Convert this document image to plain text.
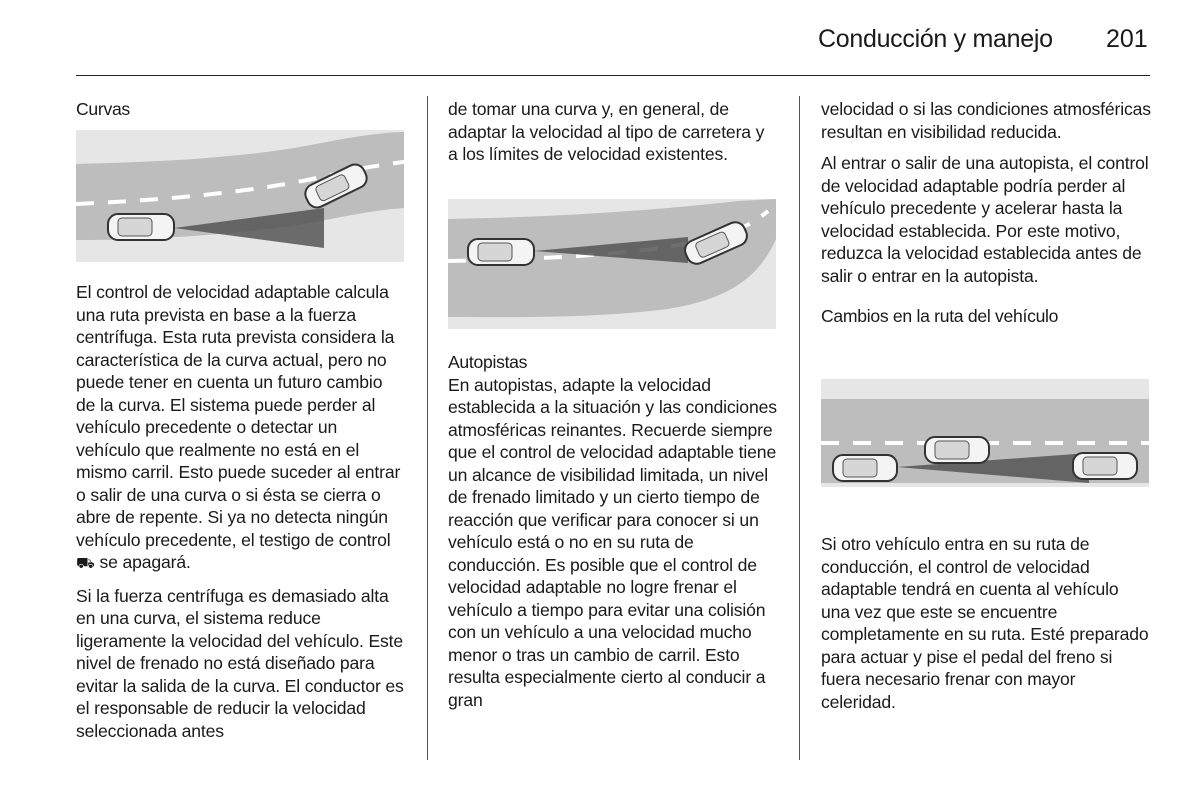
Conducción y manejo 201
Curvas

El control de velocidad adaptable calcula una ruta prevista en base a la fuerza centrífuga. Esta ruta prevista considera la característica de la curva actual, pero no puede tener en cuenta un futuro cambio de la curva. El sistema puede perder al vehículo precedente o detectar un vehículo que realmente no está en el mismo carril. Esto puede suceder al entrar o salir de una curva o si ésta se cierra o abre de repente. Si ya no detecta ningún vehículo precedente, el testigo de control ⛟ se apagará.

Si la fuerza centrífuga es demasiado alta en una curva, el sistema reduce ligeramente la velocidad del vehículo. Este nivel de frenado no está diseñado para evitar la salida de la curva. El conductor es el responsable de reducir la velocidad seleccionada antes

de tomar una curva y, en general, de adaptar la velocidad al tipo de carretera y a los límites de velocidad existentes.

Autopistas

En autopistas, adapte la velocidad establecida a la situación y las condiciones atmosféricas reinantes. Recuerde siempre que el control de velocidad adaptable tiene un alcance de visibilidad limitada, un nivel de frenado limitado y un cierto tiempo de reacción que verificar para conocer si un vehículo está o no en su ruta de conducción. Es posible que el control de velocidad adaptable no logre frenar el vehículo a tiempo para evitar una colisión con un vehículo a una velocidad mucho menor o tras un cambio de carril. Esto resulta especialmente cierto al conducir a gran

velocidad o si las condiciones atmosféricas resultan en visibilidad reducida.

Al entrar o salir de una autopista, el control de velocidad adaptable podría perder al vehículo precedente y acelerar hasta la velocidad establecida. Por este motivo, reduzca la velocidad establecida antes de salir o entrar en la autopista.

Cambios en la ruta del vehículo

Si otro vehículo entra en su ruta de conducción, el control de velocidad adaptable tendrá en cuenta al vehículo una vez que este se encuentre completamente en su ruta. Esté preparado para actuar y pise el pedal del freno si fuera necesario frenar con mayor celeridad.
